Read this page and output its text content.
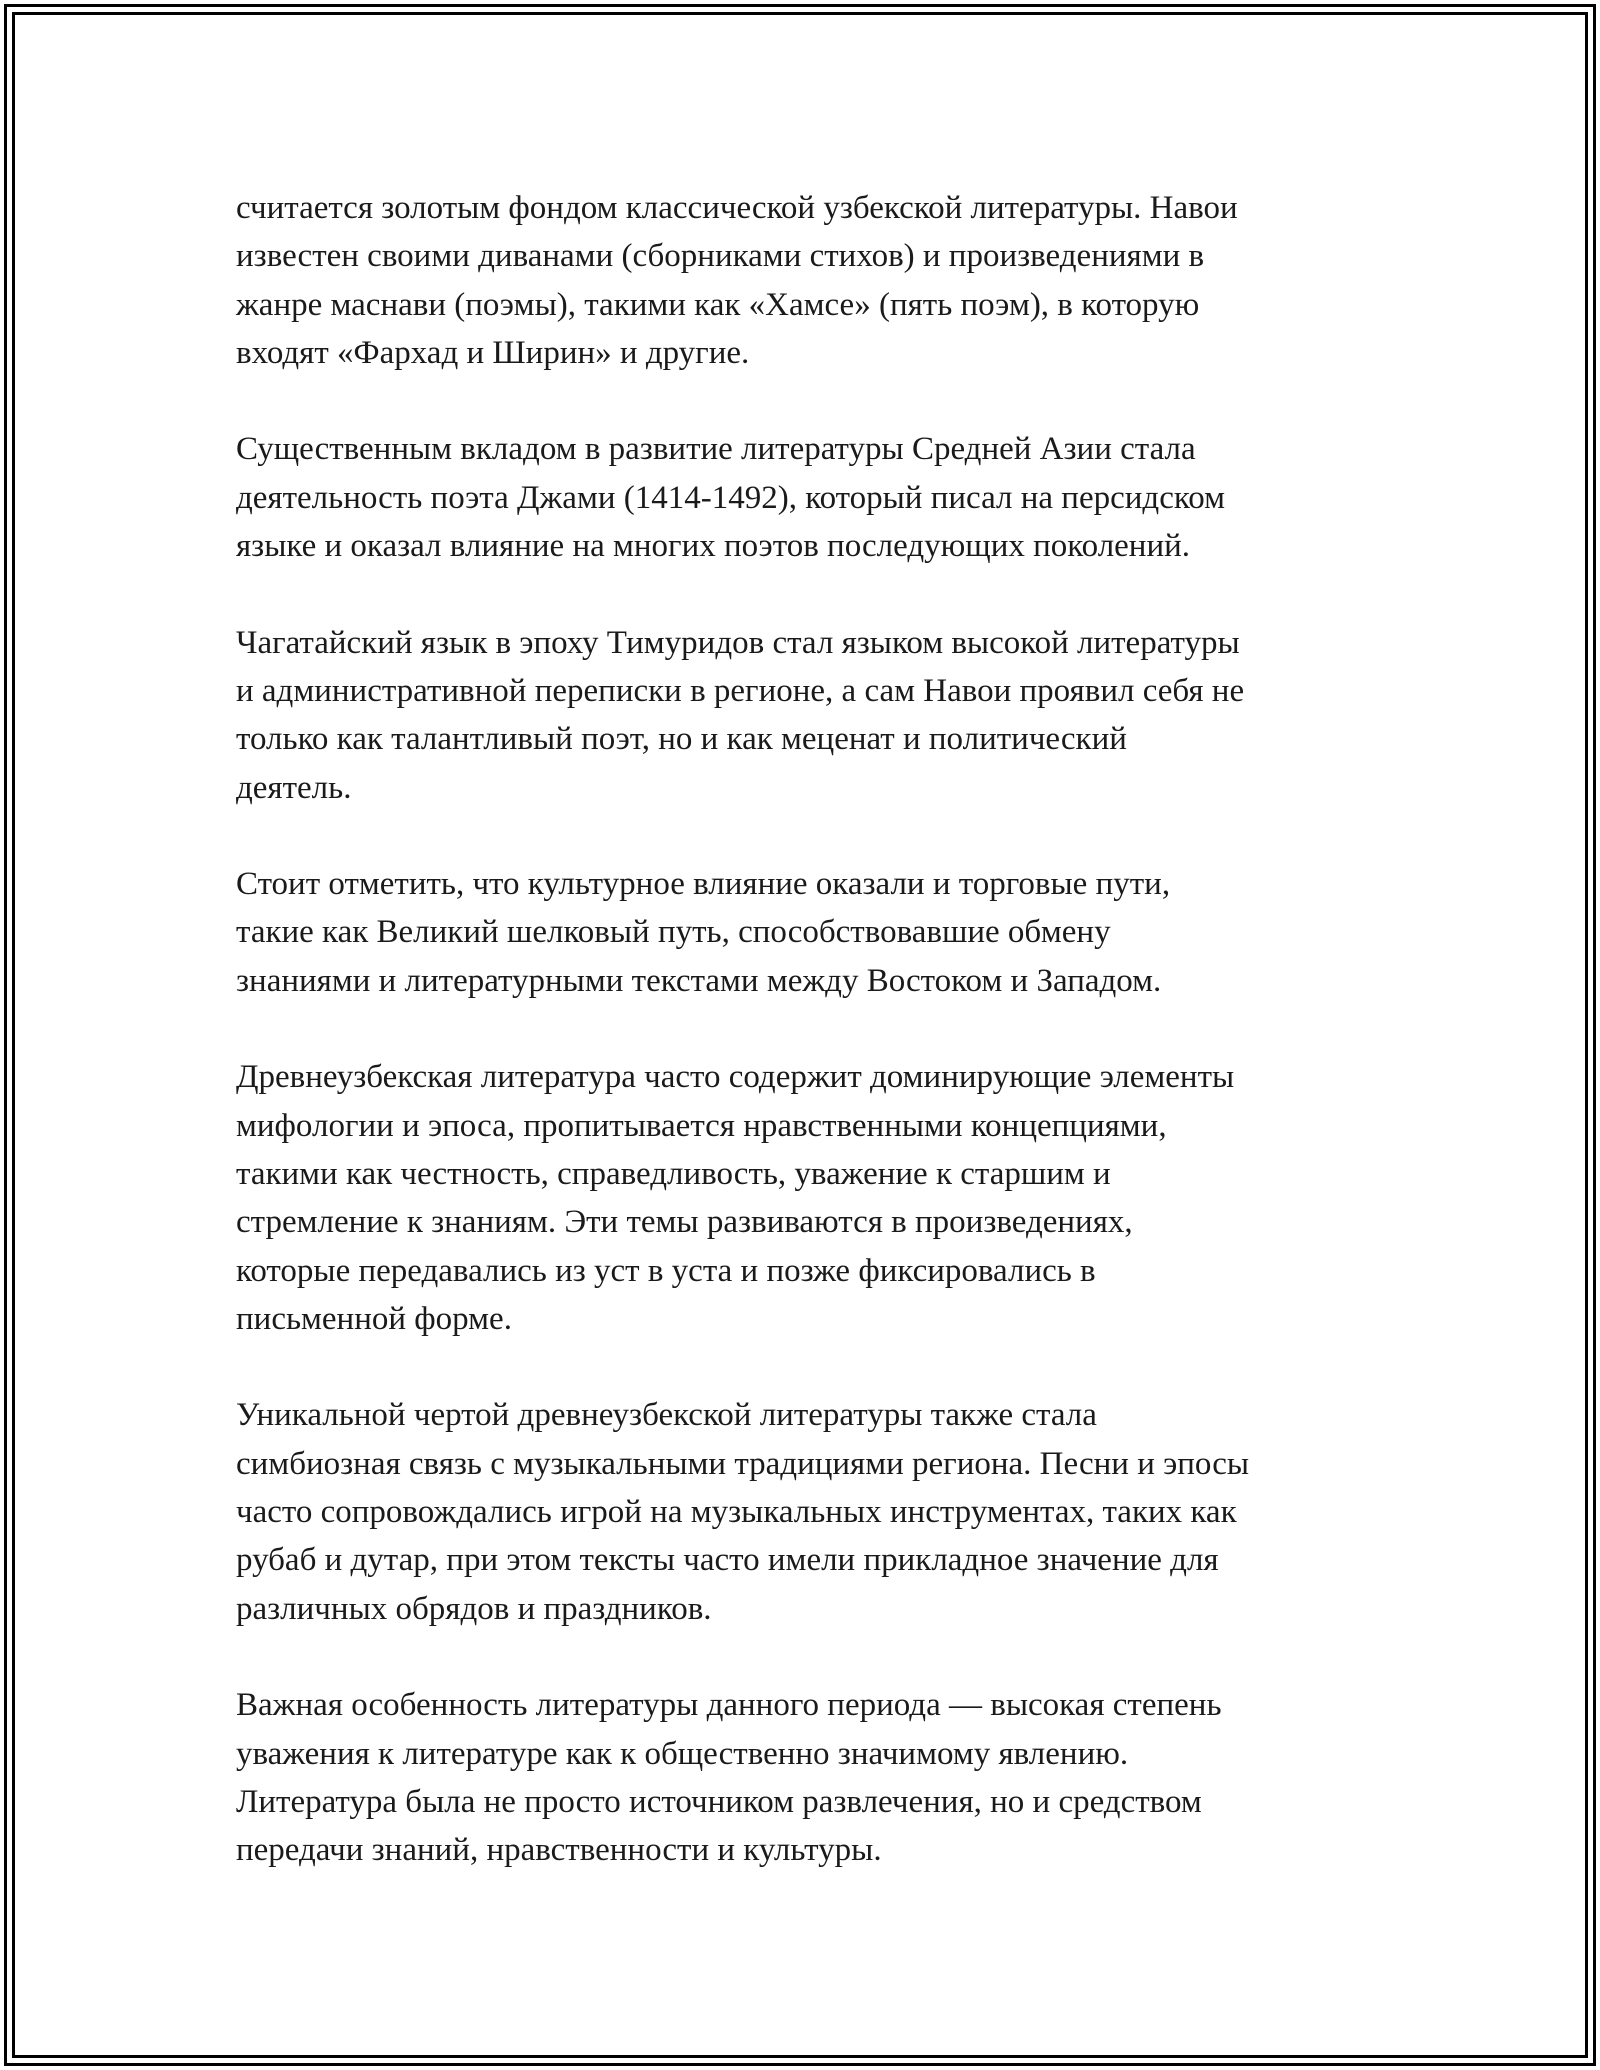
считается золотым фондом классической узбекской литературы. Навои
известен своими диванами (сборниками стихов) и произведениями в
жанре маснави (поэмы), такими как «Хамсе» (пять поэм), в которую
входят «Фархад и Ширин» и другие.

Существенным вкладом в развитие литературы Средней Азии стала
деятельность поэта Джами (1414-1492), который писал на персидском
языке и оказал влияние на многих поэтов последующих поколений.

Чагатайский язык в эпоху Тимуридов стал языком высокой литературы
и административной переписки в регионе, а сам Навои проявил себя не
только как талантливый поэт, но и как меценат и политический
деятель.

Стоит отметить, что культурное влияние оказали и торговые пути,
такие как Великий шелковый путь, способствовавшие обмену
знаниями и литературными текстами между Востоком и Западом.

Древнеузбекская литература часто содержит доминирующие элементы
мифологии и эпоса, пропитывается нравственными концепциями,
такими как честность, справедливость, уважение к старшим и
стремление к знаниям. Эти темы развиваются в произведениях,
которые передавались из уст в уста и позже фиксировались в
письменной форме.

Уникальной чертой древнеузбекской литературы также стала
симбиозная связь с музыкальными традициями региона. Песни и эпосы
часто сопровождались игрой на музыкальных инструментах, таких как
рубаб и дутар, при этом тексты часто имели прикладное значение для
различных обрядов и праздников.

Важная особенность литературы данного периода — высокая степень
уважения к литературе как к общественно значимому явлению.
Литература была не просто источником развлечения, но и средством
передачи знаний, нравственности и культуры.
